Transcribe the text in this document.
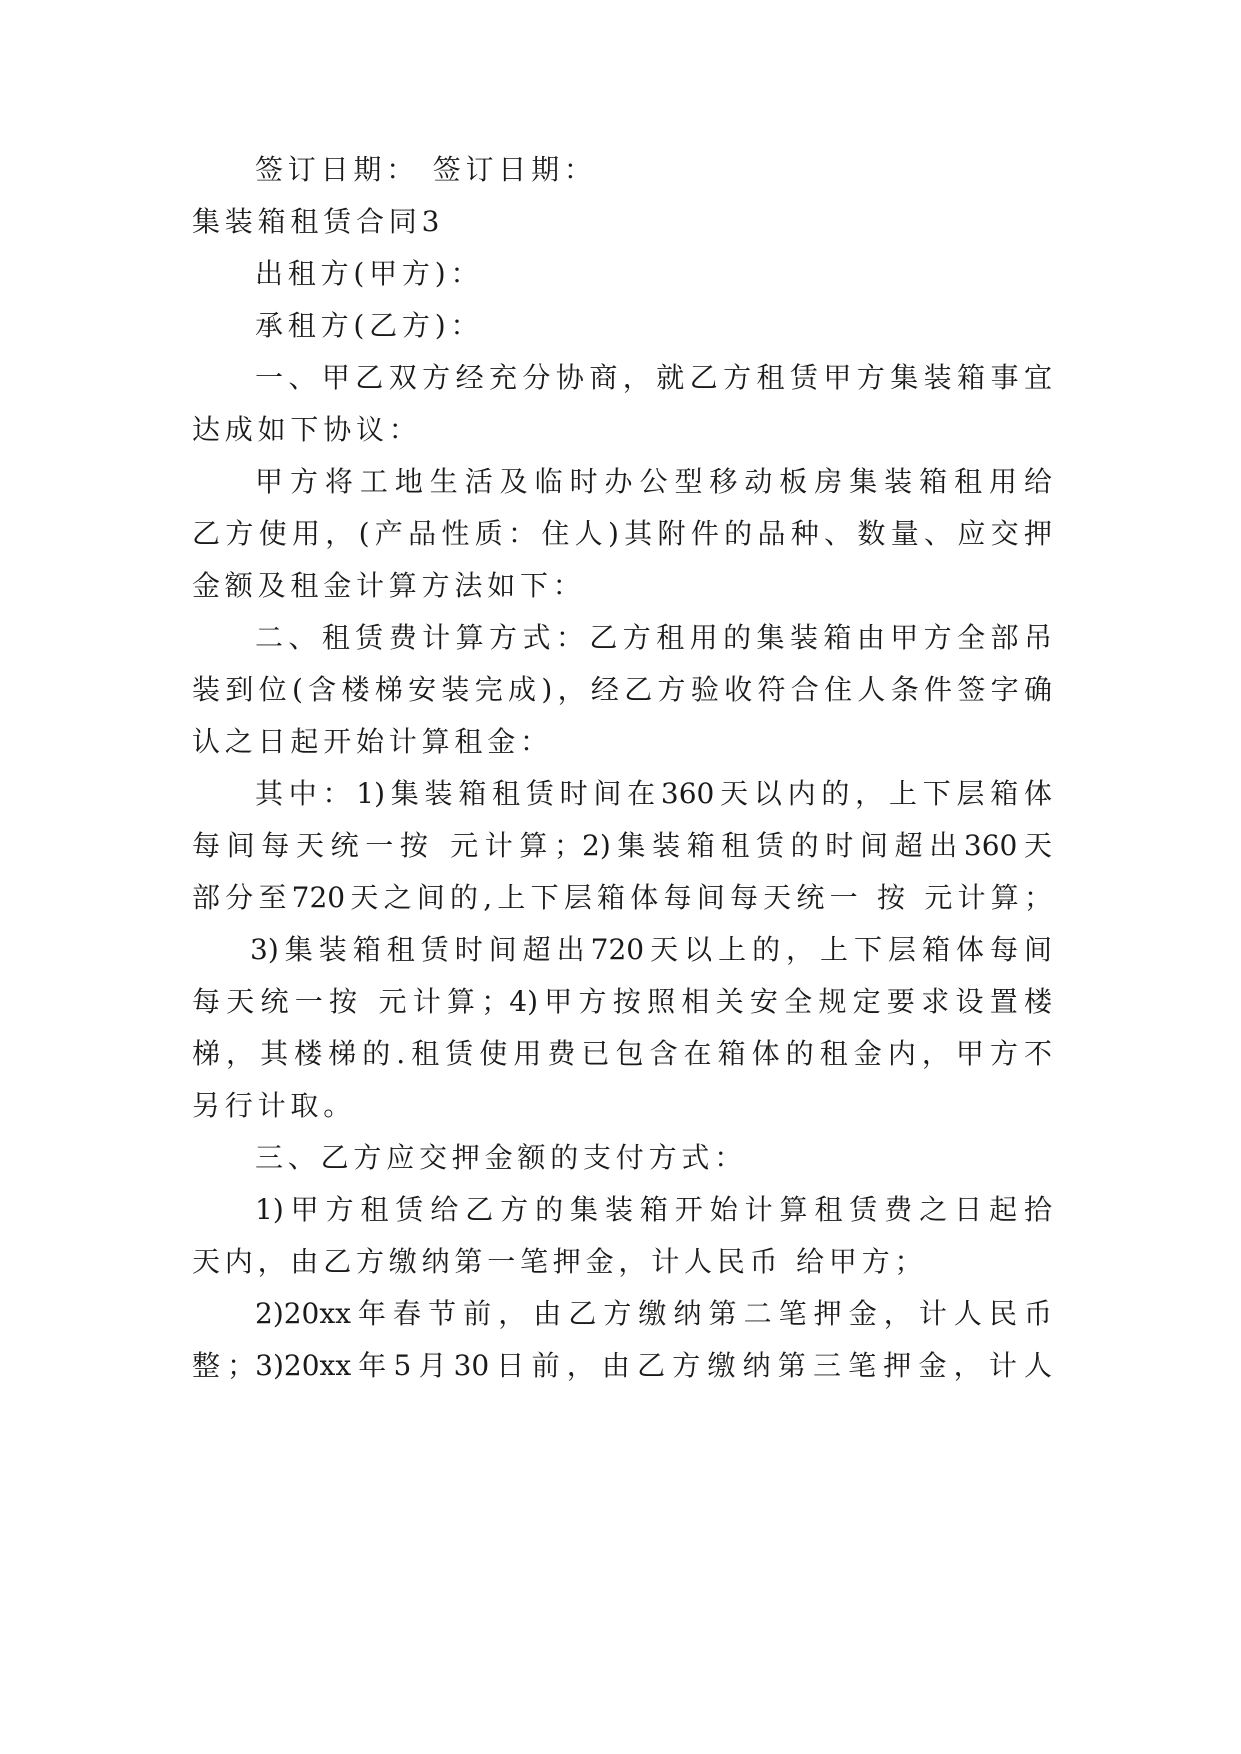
签订日期： 签订日期：
集装箱租赁合同3
出租方(甲方)：
承租方(乙方)：
一、甲乙双方经充分协商，就乙方租赁甲方集装箱事宜
达成如下协议：
甲方将工地生活及临时办公型移动板房集装箱租用给
乙方使用，(产品性质：住人)其附件的品种、数量、应交押
金额及租金计算方法如下：
二、租赁费计算方式：乙方租用的集装箱由甲方全部吊
装到位(含楼梯安装完成)，经乙方验收符合住人条件签字确
认之日起开始计算租金：
其中：1)集装箱租赁时间在360天以内的，上下层箱体
每间每天统一按 元计算；2)集装箱租赁的时间超出360天
部分至720天之间的,上下层箱体每间每天统一 按 元计算；
3)集装箱租赁时间超出720天以上的，上下层箱体每间
每天统一按 元计算；4)甲方按照相关安全规定要求设置楼
梯，其楼梯的.租赁使用费已包含在箱体的租金内，甲方不
另行计取。
三、乙方应交押金额的支付方式：
1)甲方租赁给乙方的集装箱开始计算租赁费之日起拾
天内，由乙方缴纳第一笔押金，计人民币 给甲方；
2)20xx年春节前，由乙方缴纳第二笔押金，计人民币
整；3)20xx年5月30日前，由乙方缴纳第三笔押金，计人
